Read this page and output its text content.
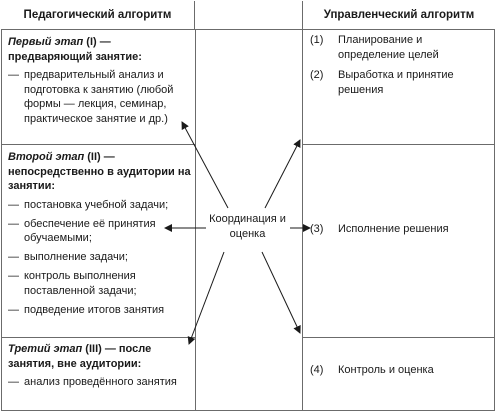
Педагогический алгоритм	Управленческий алгоритм
Первый этап (I) — предваряющий занятие:
— предварительный анализ и подготовка к занятию (любой формы — лекция, семинар, практическое занятие и др.)
Второй этап (II) — непосредственно в аудитории на занятии:
— постановка учебной задачи;
— обеспечение её принятия обучаемыми;
— выполнение задачи;
— контроль выполнения поставленной задачи;
— подведение итогов занятия
Третий этап (III) — после занятия, вне аудитории:
— анализ проведённого занятия
(1) Планирование и определение целей
(2) Выработка и принятие решения
(3) Исполнение решения
(4) Контроль и оценка
Координация и оценка
